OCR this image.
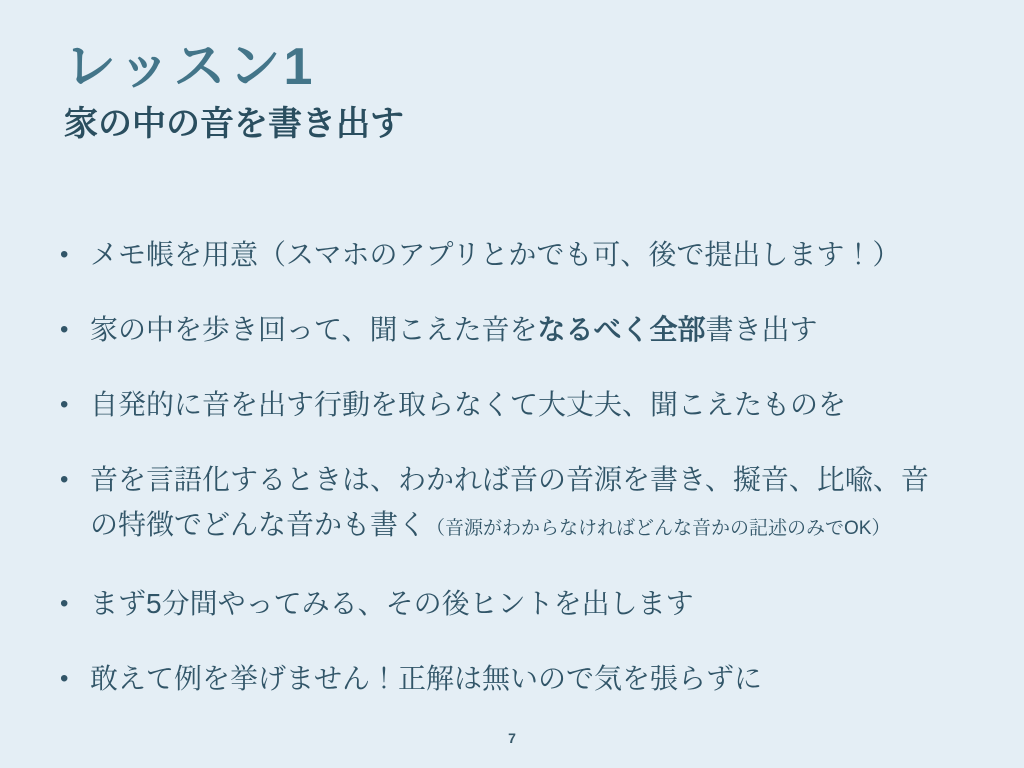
レッスン1
家の中の音を書き出す
• メモ帳を用意（スマホのアプリとかでも可、後で提出します！）
• 家の中を歩き回って、聞こえた音をなるべく全部書き出す
• 自発的に音を出す行動を取らなくて大丈夫、聞こえたものを
• 音を言語化するときは、わかれば音の音源を書き、擬音、比喩、音の特徴でどんな音かも書く（音源がわからなければどんな音かの記述のみでOK）
• まず5分間やってみる、その後ヒントを出します
• 敢えて例を挙げません！正解は無いので気を張らずに
7
